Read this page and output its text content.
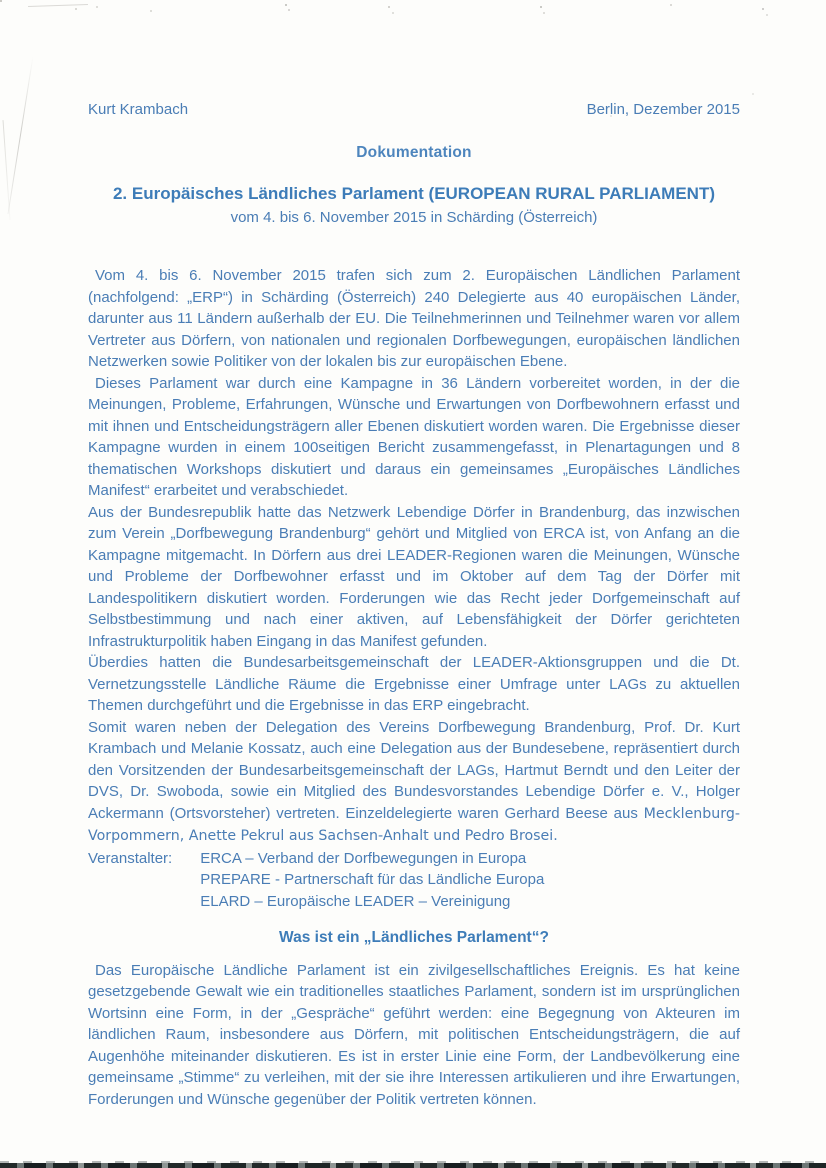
Kurt Krambach	Berlin, Dezember 2015
Dokumentation
2. Europäisches Ländliches Parlament (EUROPEAN RURAL PARLIAMENT)
vom 4. bis 6. November 2015 in Schärding (Österreich)

Vom 4. bis 6. November 2015 trafen sich zum 2. Europäischen Ländlichen Parlament (nachfolgend: „ERP“) in Schärding (Österreich) 240 Delegierte aus 40 europäischen Länder, darunter aus 11 Ländern außerhalb der EU. Die Teilnehmerinnen und Teilnehmer waren vor allem Vertreter aus Dörfern, von nationalen und regionalen Dorfbewegungen, europäischen ländlichen Netzwerken sowie Politiker von der lokalen bis zur europäischen Ebene.

Dieses Parlament war durch eine Kampagne in 36 Ländern vorbereitet worden, in der die Meinungen, Probleme, Erfahrungen, Wünsche und Erwartungen von Dorfbewohnern erfasst und mit ihnen und Entscheidungsträgern aller Ebenen diskutiert worden waren. Die Ergebnisse dieser Kampagne wurden in einem 100seitigen Bericht zusammengefasst, in Plenartagungen und 8 thematischen Workshops diskutiert und daraus ein gemeinsames „Europäisches Ländliches Manifest“ erarbeitet und verabschiedet.

Aus der Bundesrepublik hatte das Netzwerk Lebendige Dörfer in Brandenburg, das inzwischen zum Verein „Dorfbewegung Brandenburg“ gehört und Mitglied von ERCA ist, von Anfang an die Kampagne mitgemacht. In Dörfern aus drei LEADER-Regionen waren die Meinungen, Wünsche und Probleme der Dorfbewohner erfasst und im Oktober auf dem Tag der Dörfer mit Landespolitikern diskutiert worden. Forderungen wie das Recht jeder Dorfgemeinschaft auf Selbstbestimmung und nach einer aktiven, auf Lebensfähigkeit der Dörfer gerichteten Infrastrukturpolitik haben Eingang in das Manifest gefunden.

Überdies hatten die Bundesarbeitsgemeinschaft der LEADER-Aktionsgruppen und die Dt. Vernetzungsstelle Ländliche Räume die Ergebnisse einer Umfrage unter LAGs zu aktuellen Themen durchgeführt und die Ergebnisse in das ERP eingebracht.

Somit waren neben der Delegation des Vereins Dorfbewegung Brandenburg, Prof. Dr. Kurt Krambach und Melanie Kossatz, auch eine Delegation aus der Bundesebene, repräsentiert durch den Vorsitzenden der Bundesarbeitsgemeinschaft der LAGs, Hartmut Berndt und den Leiter der DVS, Dr. Swoboda, sowie ein Mitglied des Bundesvorstandes Lebendige Dörfer e. V., Holger Ackermann (Ortsvorsteher) vertreten. Einzeldelegierte waren Gerhard Beese aus Mecklenburg-Vorpommern, Anette Pekrul aus Sachsen-Anhalt und Pedro Brosei.

Veranstalter: ERCA – Verband der Dorfbewegungen in Europa
PREPARE - Partnerschaft für das Ländliche Europa
ELARD – Europäische LEADER – Vereinigung
Was ist ein „Ländliches Parlament“?

Das Europäische Ländliche Parlament ist ein zivilgesellschaftliches Ereignis. Es hat keine gesetzgebende Gewalt wie ein traditionelles staatliches Parlament, sondern ist im ursprünglichen Wortsinn eine Form, in der „Gespräche“ geführt werden: eine Begegnung von Akteuren im ländlichen Raum, insbesondere aus Dörfern, mit politischen Entscheidungsträgern, die auf Augenhöhe miteinander diskutieren. Es ist in erster Linie eine Form, der Landbevölkerung eine gemeinsame „Stimme“ zu verleihen, mit der sie ihre Interessen artikulieren und ihre Erwartungen, Forderungen und Wünsche gegenüber der Politik vertreten können.
